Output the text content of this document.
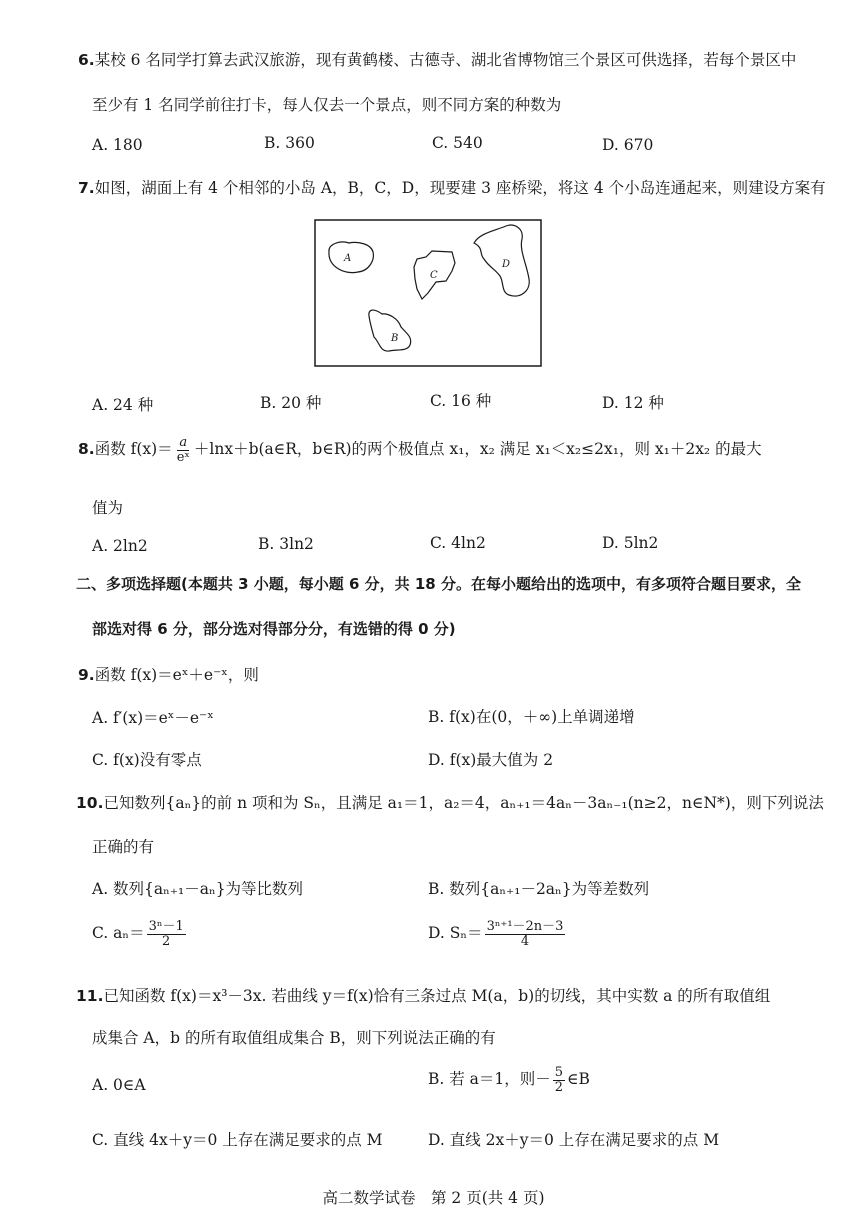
6.某校 6 名同学打算去武汉旅游，现有黄鹤楼、古德寺、湖北省博物馆三个景区可供选择，若每个景区中
至少有 1 名同学前往打卡，每人仅去一个景点，则不同方案的种数为
A. 180	B. 360	C. 540	D. 670
7.如图，湖面上有 4 个相邻的小岛 A，B，C，D，现要建 3 座桥梁，将这 4 个小岛连通起来，则建设方案有
A
C
D
B
A. 24 种	B. 20 种	C. 16 种	D. 12 种
8.函数 $f(x)= \frac{a}{\text{eˣ}}$ ＋lnx＋b(a∈R，b∈R)的两个极值点 x₁，x₂ 满足 x₁＜x₂≤2x₁，则 x₁＋2x₂ 的最大
值为
A. 2ln2	B. 3ln2	C. 4ln2	D. 5ln2
二、多项选择题(本题共 3 小题，每小题 6 分，共 18 分。在每小题给出的选项中，有多项符合题目要求，全
部选对得 6 分，部分选对得部分分，有选错的得 0 分)
9.函数 f(x)＝eˣ＋e⁻ˣ，则
A. f′(x)＝eˣ－e⁻ˣ	B. f(x)在(0，＋∞)上单调递增
C. f(x)没有零点	D. f(x)最大值为 2
10.已知数列{aₙ}的前 n 项和为 Sₙ，且满足 a₁＝1，a₂＝4，aₙ₊₁＝4aₙ－3aₙ₋₁(n≥2，n∈N*)，则下列说法
正确的有
A. 数列{aₙ₊₁－aₙ}为等比数列	B. 数列{aₙ₊₁－2aₙ}为等差数列
C. $a_n= \frac{\text{3ⁿ－1}}{2}$	D. $S_n= \frac{\text{3ⁿ⁺¹－2n－3}}{4}$
11.已知函数 f(x)＝x³－3x. 若曲线 y＝f(x)恰有三条过点 M(a，b)的切线，其中实数 a 的所有取值组
成集合 A，b 的所有取值组成集合 B，则下列说法正确的有
A. 0∈A	B. 若 a＝1，则－ $\frac{5}{2}$ ∈B
C. 直线 4x＋y＝0 上存在满足要求的点 M	D. 直线 2x＋y＝0 上存在满足要求的点 M
高二数学试卷　第 2 页(共 4 页)
